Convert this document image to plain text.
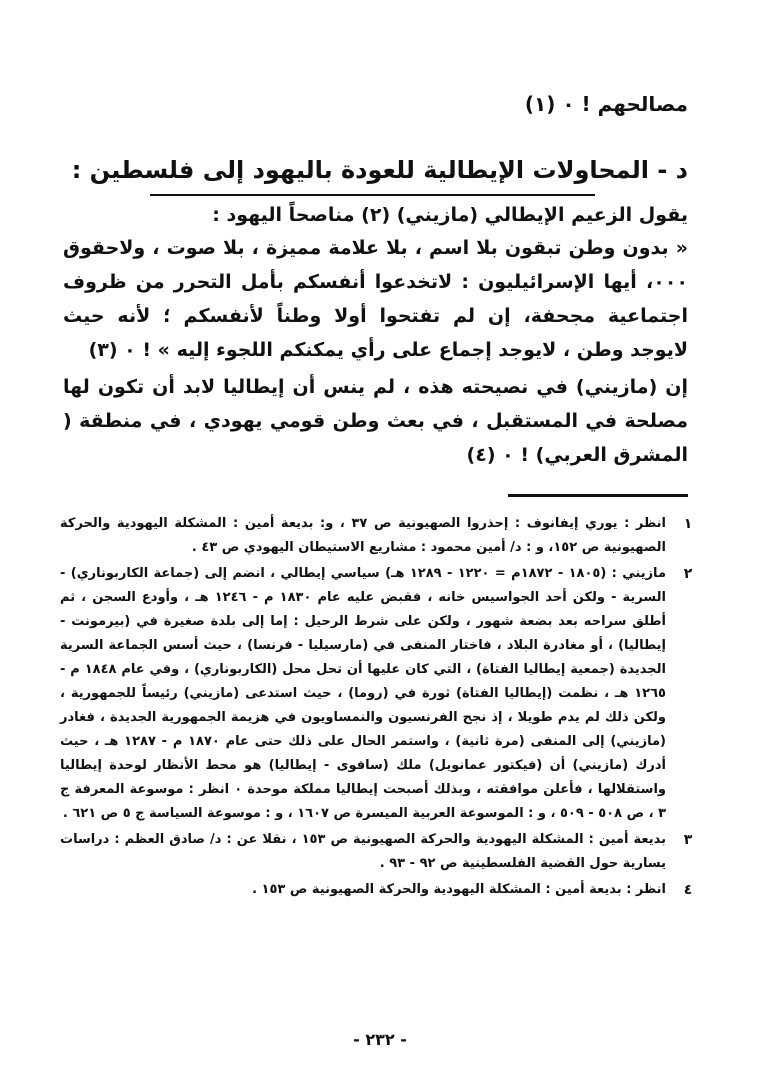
مصالحهم ! ٠ (١)
د - المحاولات الإيطالية للعودة باليهود إلى فلسطين :

يقول الزعيم الإيطالي (مازيني) (٢) مناصحاً اليهود :

« بدون وطن تبقون بلا اسم ، بلا علامة مميزة ، بلا صوت ، ولاحقوق ٠٠٠، أيها الإسرائيليون : لاتخدعوا أنفسكم بأمل التحرر من ظروف اجتماعية مجحفة، إن لم تفتحوا أولا وطناً لأنفسكم ؛ لأنه حيث لايوجد وطن ، لايوجد إجماع على رأي يمكنكم اللجوء إليه » ! ٠ (٣)

إن (مازيني) في نصيحته هذه ، لم ينس أن إيطاليا لابد أن تكون لها مصلحة في المستقبل ، في بعث وطن قومي يهودي ، في منطقة ( المشرق العربي) ! ٠ (٤)

١
انظر : يوري إيفانوف : إحذروا الصهيونية ص ٣٧ ، و: بديعة أمين : المشكلة اليهودية والحركة الصهيونية ص ١٥٢، و : د/ أمين محمود : مشاريع الاستيطان اليهودي ص ٤٣ .
٢
مازيني : (١٨٠٥ - ١٨٧٢م = ١٢٢٠ - ١٢٨٩ هـ) سياسي إيطالي ، انضم إلى (جماعة الكاربوناري) - السرية - ولكن أحد الجواسيس خانه ، فقبض عليه عام ١٨٣٠ م - ١٢٤٦ هـ ، وأودع السجن ، ثم أطلق سراحه بعد بضعة شهور ، ولكن على شرط الرحيل : إما إلى بلدة صغيرة في (بيرمونت - إيطاليا) ، أو مغادرة البلاد ، فاختار المنفى في (مارسيليا - فرنسا) ، حيث أسس الجماعة السرية الجديدة (جمعية إيطاليا الفتاة) ، التي كان عليها أن تحل محل (الكاربوناري) ، وفي عام ١٨٤٨ م - ١٢٦٥ هـ ، نظمت (إيطاليا الفتاة) ثورة في (روما) ، حيث استدعى (مازيني) رئيساً للجمهورية ، ولكن ذلك لم يدم طويلا ، إذ نجح الفرنسيون والنمساويون في هزيمة الجمهورية الجديدة ، فغادر (مازيني) إلى المنفى (مرة ثانية) ، واستمر الحال على ذلك حتى عام ١٨٧٠ م - ١٢٨٧ هـ ، حيث أدرك (مازيني) أن (فيكتور عمانويل) ملك (سافوى - إيطاليا) هو محط الأنظار لوحدة إيطاليا واستقلالها ، فأعلن موافقته ، وبذلك أصبحت إيطاليا مملكة موحدة ٠ انظر : موسوعة المعرفة ج ٣ ، ص ٥٠٨ - ٥٠٩ ، و : الموسوعة العربية الميسرة ص ١٦٠٧ ، و : موسوعة السياسة ج ٥ ص ٦٢١ .
٣
بديعة أمين : المشكلة اليهودية والحركة الصهيونية ص ١٥٣ ، نقلا عن : د/ صادق العظم : دراسات يسارية حول القضية الفلسطينية ص ٩٢ - ٩٣ .
٤
انظر : بديعة أمين : المشكلة اليهودية والحركة الصهيونية ص ١٥٣ .
- ٢٣٢ -
